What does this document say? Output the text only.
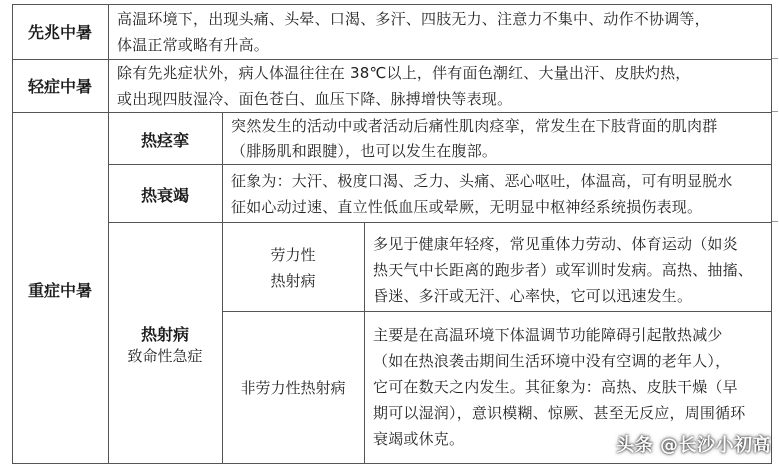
先兆中暑
高温环境下，出现头痛、头晕、口渴、多汗、四肢无力、注意力不集中、动作不协调等，
体温正常或略有升高。
轻症中暑
除有先兆症状外，病人体温往往在 38℃以上，伴有面色潮红、大量出汗、皮肤灼热，
或出现四肢湿冷、面色苍白、血压下降、脉搏增快等表现。
重症中暑
热痉挛
突然发生的活动中或者活动后痛性肌肉痉挛，常发生在下肢背面的肌肉群
（腓肠肌和跟腱），也可以发生在腹部。
热衰竭
征象为：大汗、极度口渴、乏力、头痛、恶心呕吐，体温高，可有明显脱水
征如心动过速、直立性低血压或晕厥，无明显中枢神经系统损伤表现。
热射病
致命性急症
劳力性
热射病
多见于健康年轻疼，常见重体力劳动、体育运动（如炎
热天气中长距离的跑步者）或军训时发病。高热、抽搐、
昏迷、多汗或无汗、心率快，它可以迅速发生。
非劳力性热射病
主要是在高温环境下体温调节功能障碍引起散热减少
（如在热浪袭击期间生活环境中没有空调的老年人），
它可在数天之内发生。其征象为：高热、皮肤干燥（早
期可以湿润），意识模糊、惊厥、甚至无反应，周围循环
衰竭或休克。	头条 @长沙小初高
